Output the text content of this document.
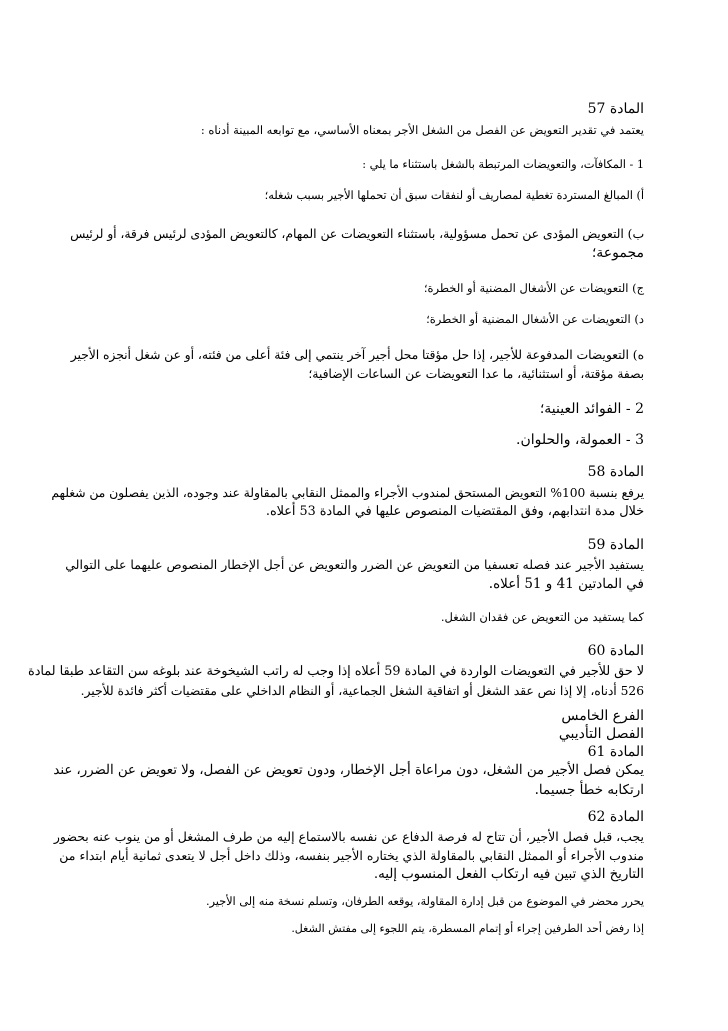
المادة 57
يعتمد في تقدير التعويض عن الفصل من الشغل الأجر بمعناه الأساسي، مع توابعه المبينة أدناه :
1 - المكافآت، والتعويضات المرتبطة بالشغل باستثناء ما يلي :
أ) المبالغ المستردة تغطية لمصاريف أو لنفقات سبق أن تحملها الأجير بسبب شغله؛
ب) التعويض المؤدى عن تحمل مسؤولية، باستثناء التعويضات عن المهام، كالتعويض المؤدى لرئيس فرقة، أو لرئيس
مجموعة؛
ج) التعويضات عن الأشغال المضنية أو الخطرة؛
د) التعويضات عن الأشغال المضنية أو الخطرة؛
ه) التعويضات المدفوعة للأجير، إذا حل مؤقتا محل أجير آخر ينتمي إلى فئة أعلى من فئته، أو عن شغل أنجزه الأجير
بصفة مؤقتة، أو استثنائية، ما عدا التعويضات عن الساعات الإضافية؛
2 - الفوائد العينية؛
3 - العمولة، والحلوان.
المادة 58
يرفع بنسبة 100% التعويض المستحق لمندوب الأجراء والممثل النقابي بالمقاولة عند وجوده، الذين يفصلون من شغلهم
خلال مدة انتدابهم، وفق المقتضيات المنصوص عليها في المادة 53 أعلاه.
المادة 59
يستفيد الأجير عند فصله تعسفيا من التعويض عن الضرر والتعويض عن أجل الإخطار المنصوص عليهما على التوالي
في المادتين 41 و 51 أعلاه.
كما يستفيد من التعويض عن فقدان الشغل.
المادة 60
لا حق للأجير في التعويضات الواردة في المادة 59 أعلاه إذا وجب له راتب الشيخوخة عند بلوغه سن التقاعد طبقا لمادة
526 أدناه، إلا إذا نص عقد الشغل أو اتفاقية الشغل الجماعية، أو النظام الداخلي على مقتضيات أكثر فائدة للأجير.
الفرع الخامس
الفصل التأديبي
المادة 61
يمكن فصل الأجير من الشغل، دون مراعاة أجل الإخطار، ودون تعويض عن الفصل، ولا تعويض عن الضرر، عند
ارتكابه خطأ جسيما.
المادة 62
يجب، قبل فصل الأجير، أن تتاح له فرصة الدفاع عن نفسه بالاستماع إليه من طرف المشغل أو من ينوب عنه بحضور
مندوب الأجراء أو الممثل النقابي بالمقاولة الذي يختاره الأجير بنفسه، وذلك داخل أجل لا يتعدى ثمانية أيام ابتداء من
التاريخ الذي تبين فيه ارتكاب الفعل المنسوب إليه.
يحرر محضر في الموضوع من قبل إدارة المقاولة، يوقعه الطرفان، وتسلم نسخة منه إلى الأجير.
إذا رفض أحد الطرفين إجراء أو إتمام المسطرة، يتم اللجوء إلى مفتش الشغل.
